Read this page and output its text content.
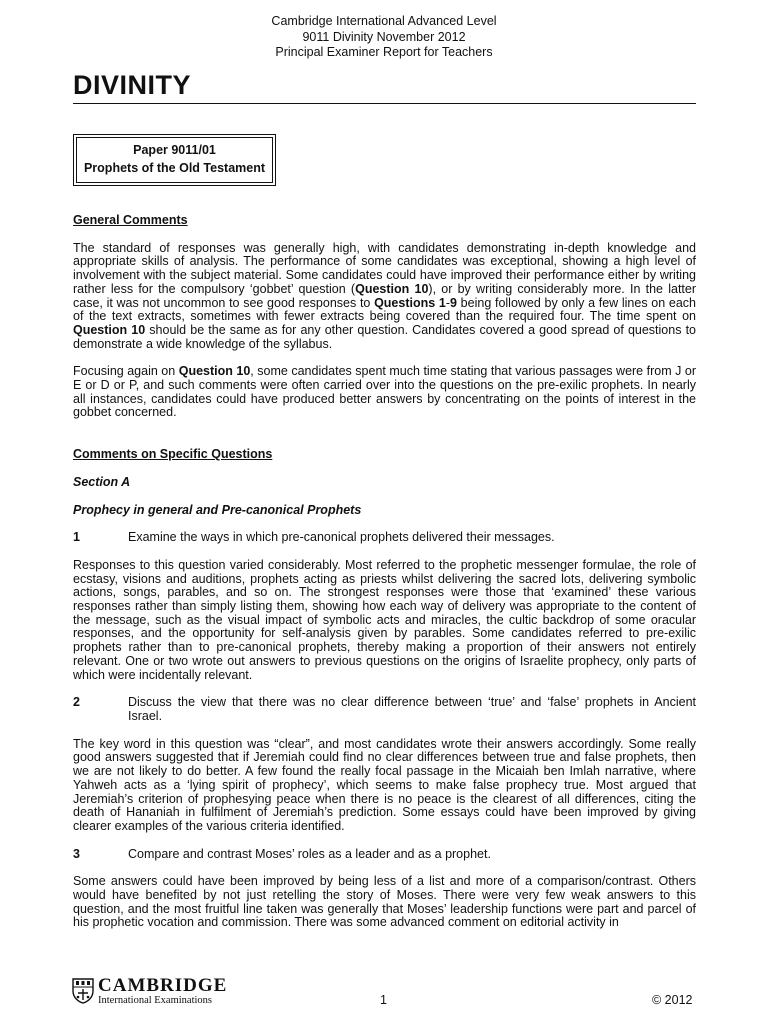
Cambridge International Advanced Level
9011 Divinity November 2012
Principal Examiner Report for Teachers
DIVINITY
Paper 9011/01
Prophets of the Old Testament

General Comments

The standard of responses was generally high, with candidates demonstrating in-depth knowledge and appropriate skills of analysis. The performance of some candidates was exceptional, showing a high level of involvement with the subject material. Some candidates could have improved their performance either by writing rather less for the compulsory ‘gobbet’ question (Question 10), or by writing considerably more. In the latter case, it was not uncommon to see good responses to Questions 1-9 being followed by only a few lines on each of the text extracts, sometimes with fewer extracts being covered than the required four. The time spent on Question 10 should be the same as for any other question. Candidates covered a good spread of questions to demonstrate a wide knowledge of the syllabus.

Focusing again on Question 10, some candidates spent much time stating that various passages were from J or E or D or P, and such comments were often carried over into the questions on the pre-exilic prophets. In nearly all instances, candidates could have produced better answers by concentrating on the points of interest in the gobbet concerned.

Comments on Specific Questions

Section A

Prophecy in general and Pre-canonical Prophets

1	Examine the ways in which pre-canonical prophets delivered their messages.

Responses to this question varied considerably. Most referred to the prophetic messenger formulae, the role of ecstasy, visions and auditions, prophets acting as priests whilst delivering the sacred lots, delivering symbolic actions, songs, parables, and so on. The strongest responses were those that ‘examined’ these various responses rather than simply listing them, showing how each way of delivery was appropriate to the content of the message, such as the visual impact of symbolic acts and miracles, the cultic backdrop of some oracular responses, and the opportunity for self-analysis given by parables. Some candidates referred to pre-exilic prophets rather than to pre-canonical prophets, thereby making a proportion of their answers not entirely relevant. One or two wrote out answers to previous questions on the origins of Israelite prophecy, only parts of which were incidentally relevant.

2	Discuss the view that there was no clear difference between ‘true’ and ‘false’ prophets in Ancient Israel.

The key word in this question was “clear”, and most candidates wrote their answers accordingly. Some really good answers suggested that if Jeremiah could find no clear differences between true and false prophets, then we are not likely to do better. A few found the really focal passage in the Micaiah ben Imlah narrative, where Yahweh acts as a ‘lying spirit of prophecy’, which seems to make false prophecy true. Most argued that Jeremiah’s criterion of prophesying peace when there is no peace is the clearest of all differences, citing the death of Hananiah in fulfilment of Jeremiah’s prediction. Some essays could have been improved by giving clearer examples of the various criteria identified.

3	Compare and contrast Moses’ roles as a leader and as a prophet.

Some answers could have been improved by being less of a list and more of a comparison/contrast. Others would have benefited by not just retelling the story of Moses. There were very few weak answers to this question, and the most fruitful line taken was generally that Moses’ leadership functions were part and parcel of his prophetic vocation and commission. There was some advanced comment on editorial activity in

CAMBRIDGE
International Examinations	1	© 2012
